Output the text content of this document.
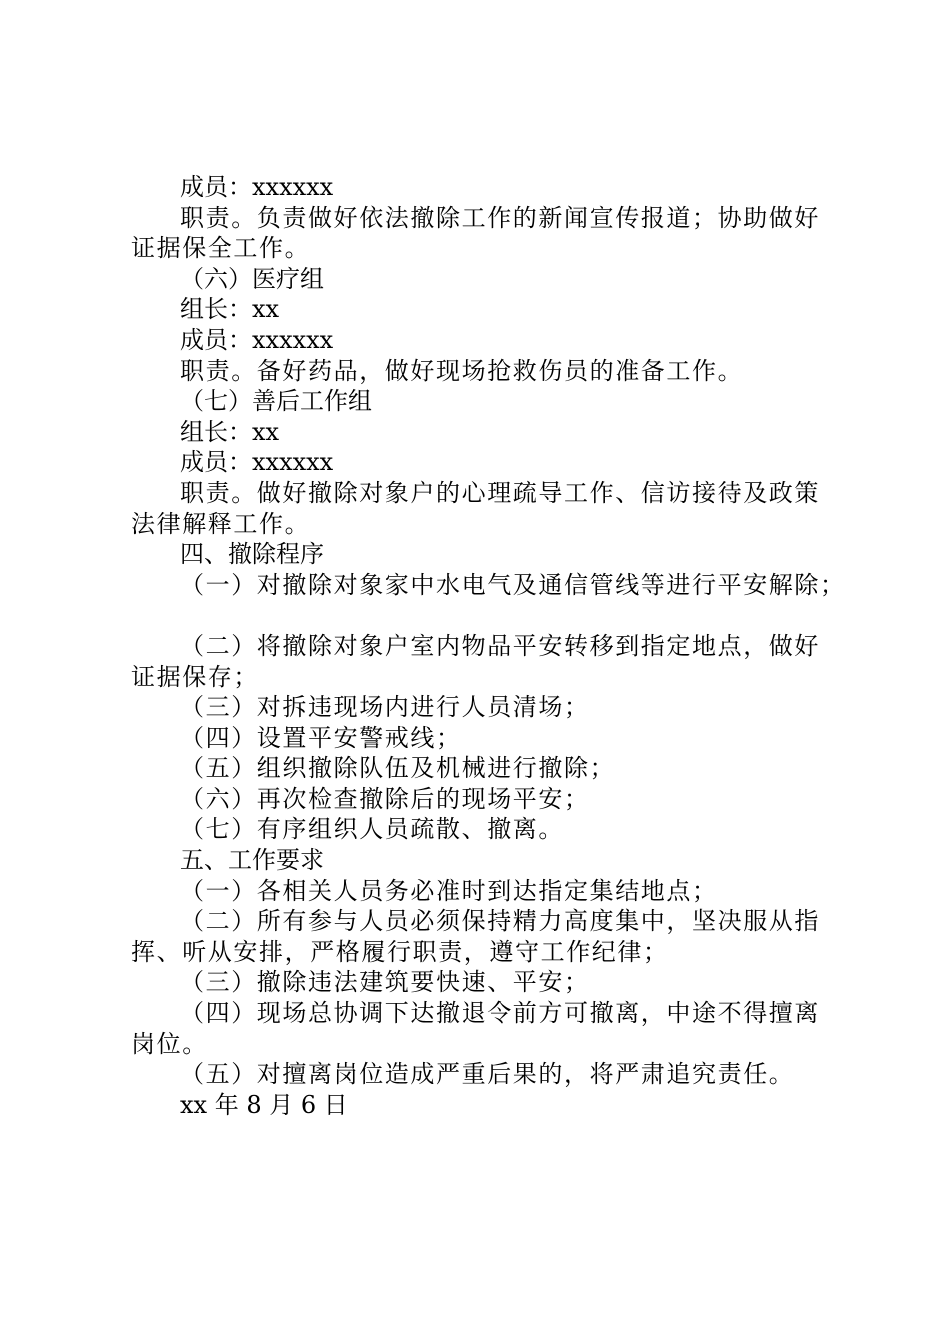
成员：xxxxxx
职责。负责做好依法撤除工作的新闻宣传报道；协助做好
证据保全工作。
（六）医疗组
组长：xx
成员：xxxxxx
职责。备好药品，做好现场抢救伤员的准备工作。
（七）善后工作组
组长：xx
成员：xxxxxx
职责。做好撤除对象户的心理疏导工作、信访接待及政策
法律解释工作。
四、撤除程序
（一）对撤除对象家中水电气及通信管线等进行平安解除；
（二）将撤除对象户室内物品平安转移到指定地点，做好
证据保存；
（三）对拆违现场内进行人员清场；
（四）设置平安警戒线；
（五）组织撤除队伍及机械进行撤除；
（六）再次检查撤除后的现场平安；
（七）有序组织人员疏散、撤离。
五、工作要求
（一）各相关人员务必准时到达指定集结地点；
（二）所有参与人员必须保持精力高度集中，坚决服从指
挥、听从安排，严格履行职责，遵守工作纪律；
（三）撤除违法建筑要快速、平安；
（四）现场总协调下达撤退令前方可撤离，中途不得擅离
岗位。
（五）对擅离岗位造成严重后果的，将严肃追究责任。
xx 年 8 月 6 日
